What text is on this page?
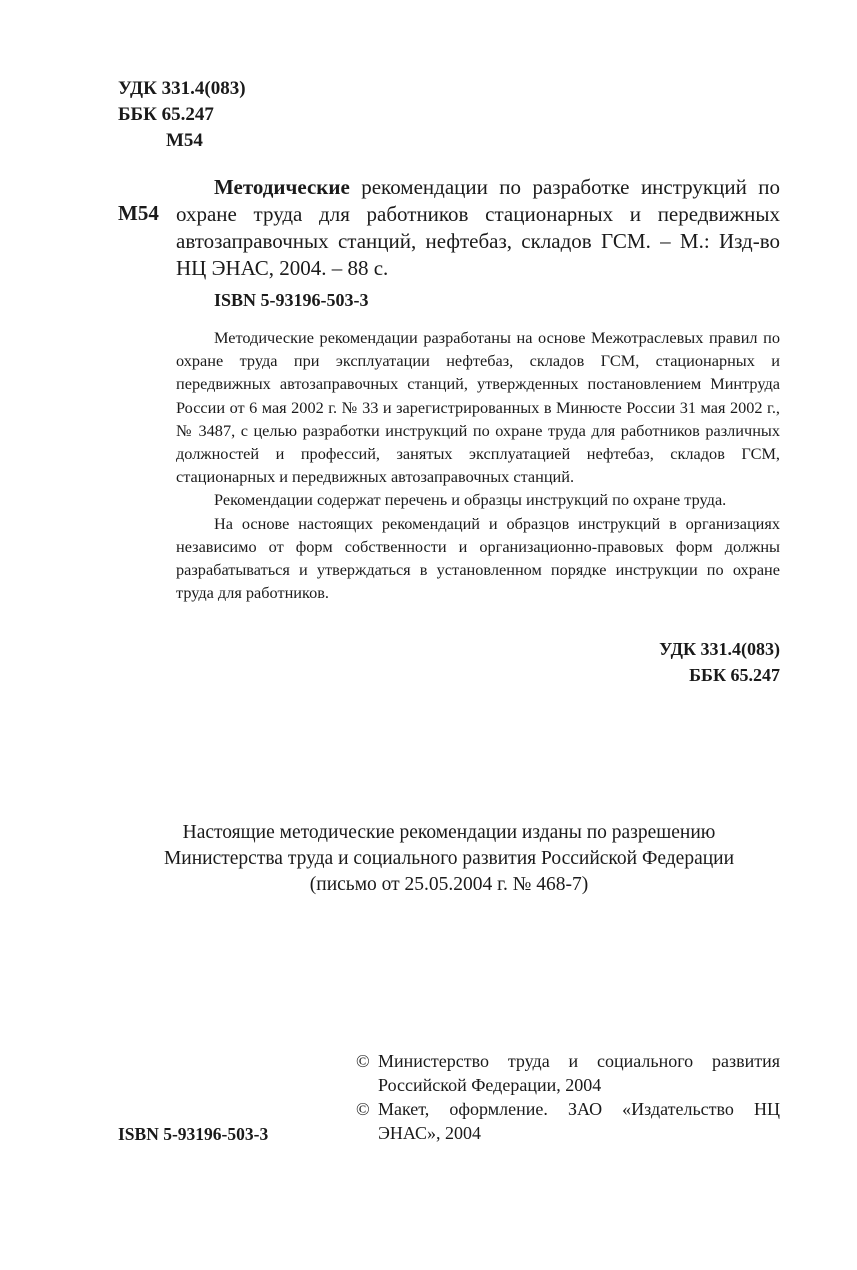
УДК 331.4(083)
ББК 65.247
М54
М54
Методические рекомендации по разработке инструкций по охране труда для работников стационарных и передвижных автозаправочных станций, нефтебаз, складов ГСМ. – М.: Изд-во НЦ ЭНАС, 2004. – 88 с.
ISBN 5-93196-503-3

Методические рекомендации разработаны на основе Межотраслевых правил по охране труда при эксплуатации нефтебаз, складов ГСМ, стационарных и передвижных автозаправочных станций, утвержденных постановлением Минтруда России от 6 мая 2002 г. № 33 и зарегистрированных в Минюсте России 31 мая 2002 г., № 3487, с целью разработки инструкций по охране труда для работников различных должностей и профессий, занятых эксплуатацией нефтебаз, складов ГСМ, стационарных и передвижных автозаправочных станций.

Рекомендации содержат перечень и образцы инструкций по охране труда.

На основе настоящих рекомендаций и образцов инструкций в организациях независимо от форм собственности и организационно-правовых форм должны разрабатываться и утверждаться в установленном порядке инструкции по охране труда для работников.

УДК 331.4(083)
ББК 65.247
Настоящие методические рекомендации изданы по разрешению
Министерства труда и социального развития Российской Федерации
(письмо от 25.05.2004 г. № 468-7)
ISBN 5-93196-503-3
© Министерство труда и социального развития Российской Федерации, 2004
© Макет, оформление. ЗАО «Издательство НЦ ЭНАС», 2004
